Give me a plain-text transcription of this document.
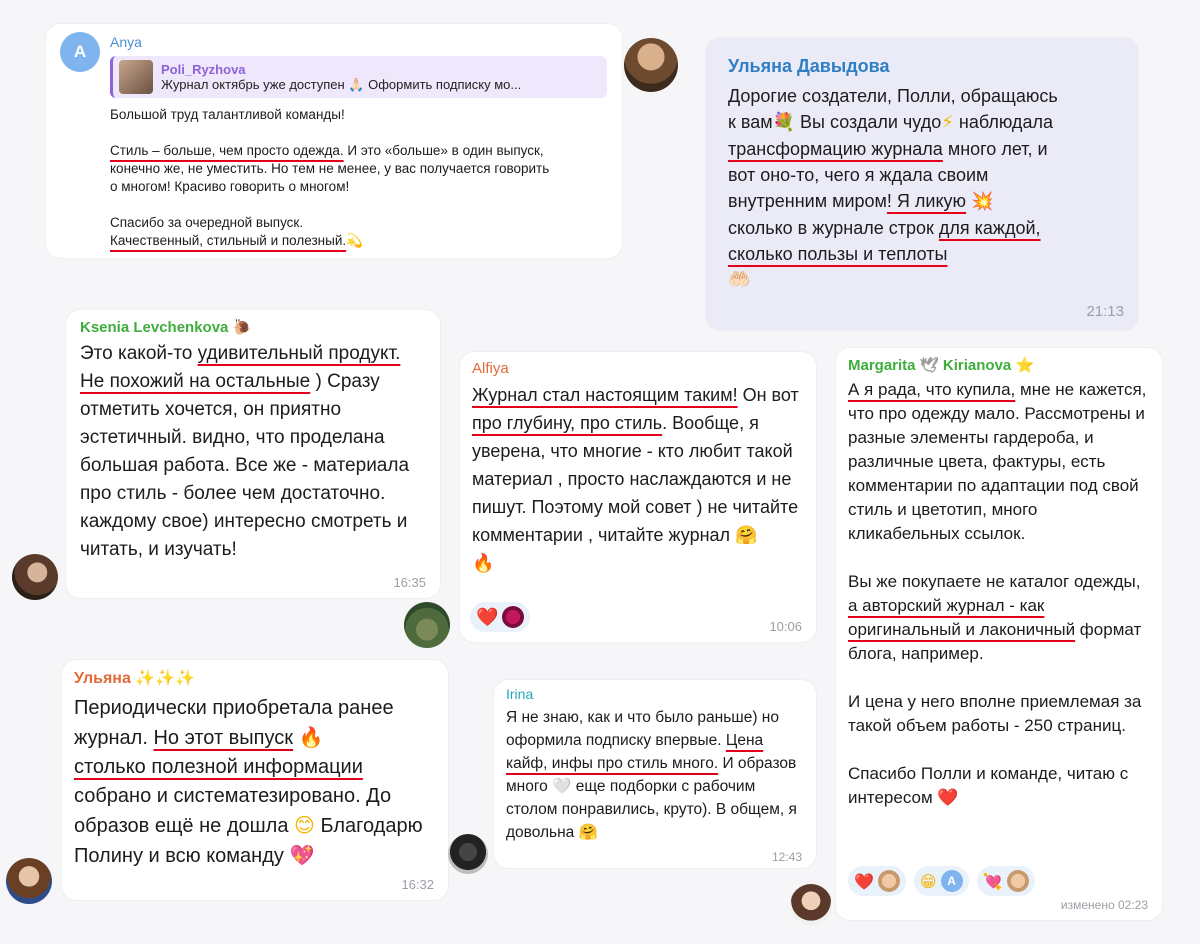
A	Anya
Poli_Ryzhova
Журнал октябрь уже доступен 🙏🏻 Оформить подписку мо...
Большой труд талантливой команды!
Стиль – больше, чем просто одежда. И это «больше» в один выпуск, конечно же, не уместить. Но тем не менее, у вас получается говорить о многом! Красиво говорить о многом!
Спасибо за очередной выпуск.
Качественный, стильный и полезный.💫
Ульяна Давыдова
Дорогие создатели, Полли, обращаюсь к вам💐 Вы создали чудо⚡ наблюдала трансформацию журнала много лет, и вот оно-то, чего я ждала своим внутренним миром! Я ликую 💥 сколько в журнале строк для каждой, сколько пользы и теплоты
🤲🏻
21:13
Ksenia Levchenkova 🐌
Это какой-то удивительный продукт. Не похожий на остальные ) Сразу отметить хочется, он приятно эстетичный. видно, что проделана большая работа. Все же - материала про стиль - более чем достаточно. каждому свое) интересно смотреть и читать, и изучать!
16:35
Alfiya
Журнал стал настоящим таким! Он вот про глубину, про стиль. Вообще, я уверена, что многие - кто любит такой материал , просто наслаждаются и не пишут. Поэтому мой совет ) не читайте комментарии , читайте журнал 🤗
🔥
❤️	10:06
Margarita 🕊 Kirianova ⭐
А я рада, что купила, мне не кажется, что про одежду мало. Рассмотрены и разные элементы гардероба, и различные цвета, фактуры, есть комментарии по адаптации под свой стиль и цветотип, много кликабельных ссылок.
Вы же покупаете не каталог одежды, а авторский журнал - как оригинальный и лаконичный формат блога, например.
И цена у него вполне приемлемая за такой объем работы - 250 страниц.
Спасибо Полли и команде, читаю с интересом ❤️
❤️	😁 A	💘
изменено 02:23
Ульяна ✨✨✨
Периодически приобретала ранее журнал. Но этот выпуск 🔥
столько полезной информации собрано и систематезировано. До образов ещё не дошла 😊 Благодарю Полину и всю команду 💖
16:32
Irina
Я не знаю, как и что было раньше) но оформила подписку впервые. Цена кайф, инфы про стиль много. И образов много 🤍 еще подборки с рабочим столом понравились, круто). В общем, я довольна 🤗
12:43
